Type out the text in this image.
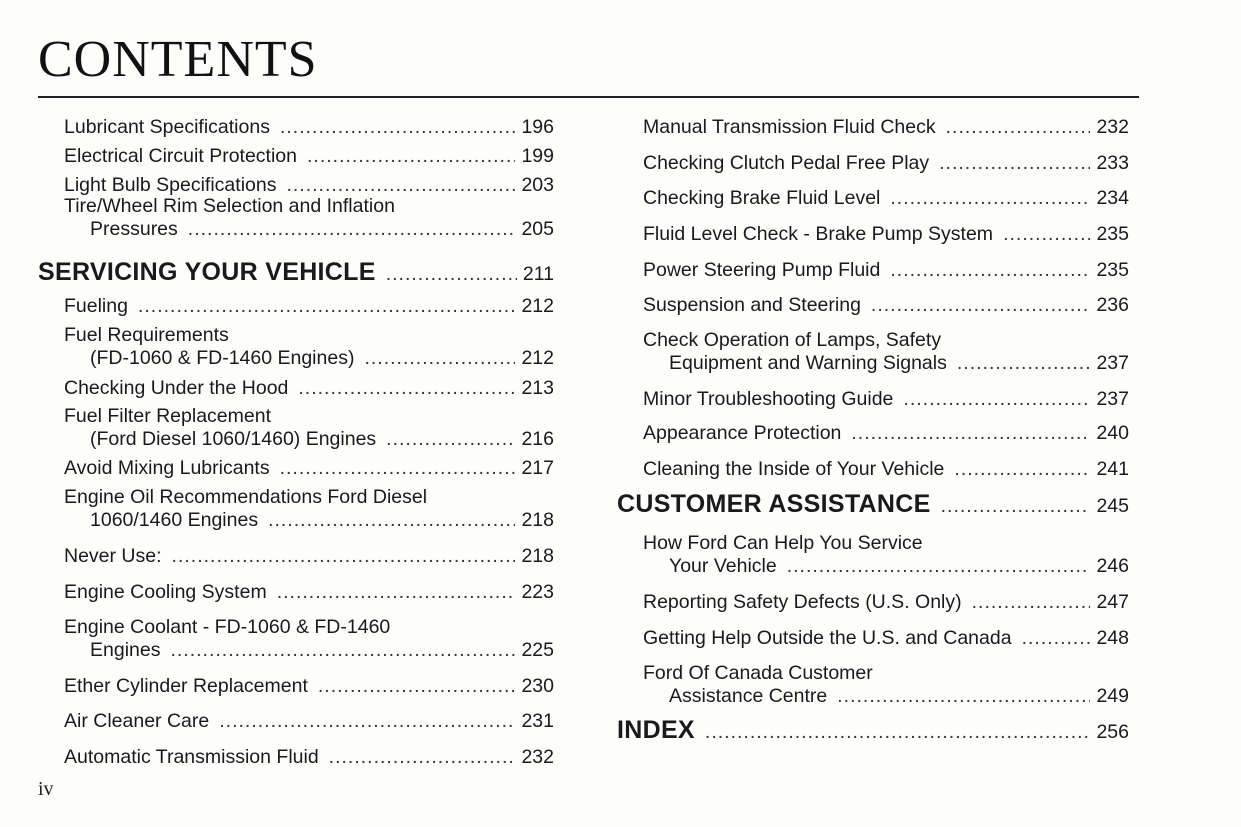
CONTENTS
Lubricant Specifications .....	196
Electrical Circuit Protection .....	199
Light Bulb Specifications .....	203
Tire/Wheel Rim Selection and Inflation
Pressures .....	205
SERVICING YOUR VEHICLE .....	211
Fueling .....	212
Fuel Requirements
(FD-1060 & FD-1460 Engines) .....	212
Checking Under the Hood .....	213
Fuel Filter Replacement
(Ford Diesel 1060/1460) Engines .....	216
Avoid Mixing Lubricants .....	217
Engine Oil Recommendations Ford Diesel
1060/1460 Engines .....	218
Never Use: .....	218
Engine Cooling System .....	223
Engine Coolant - FD-1060 & FD-1460
Engines .....	225
Ether Cylinder Replacement .....	230
Air Cleaner Care .....	231
Automatic Transmission Fluid .....	232
Manual Transmission Fluid Check .....	232
Checking Clutch Pedal Free Play .....	233
Checking Brake Fluid Level .....	234
Fluid Level Check - Brake Pump System .....	235
Power Steering Pump Fluid .....	235
Suspension and Steering .....	236
Check Operation of Lamps, Safety
Equipment and Warning Signals .....	237
Minor Troubleshooting Guide .....	237
Appearance Protection .....	240
Cleaning the Inside of Your Vehicle .....	241
CUSTOMER ASSISTANCE .....	245
How Ford Can Help You Service
Your Vehicle .....	246
Reporting Safety Defects (U.S. Only) .....	247
Getting Help Outside the U.S. and Canada .....	248
Ford Of Canada Customer
Assistance Centre .....	249
INDEX .....	256
iv
